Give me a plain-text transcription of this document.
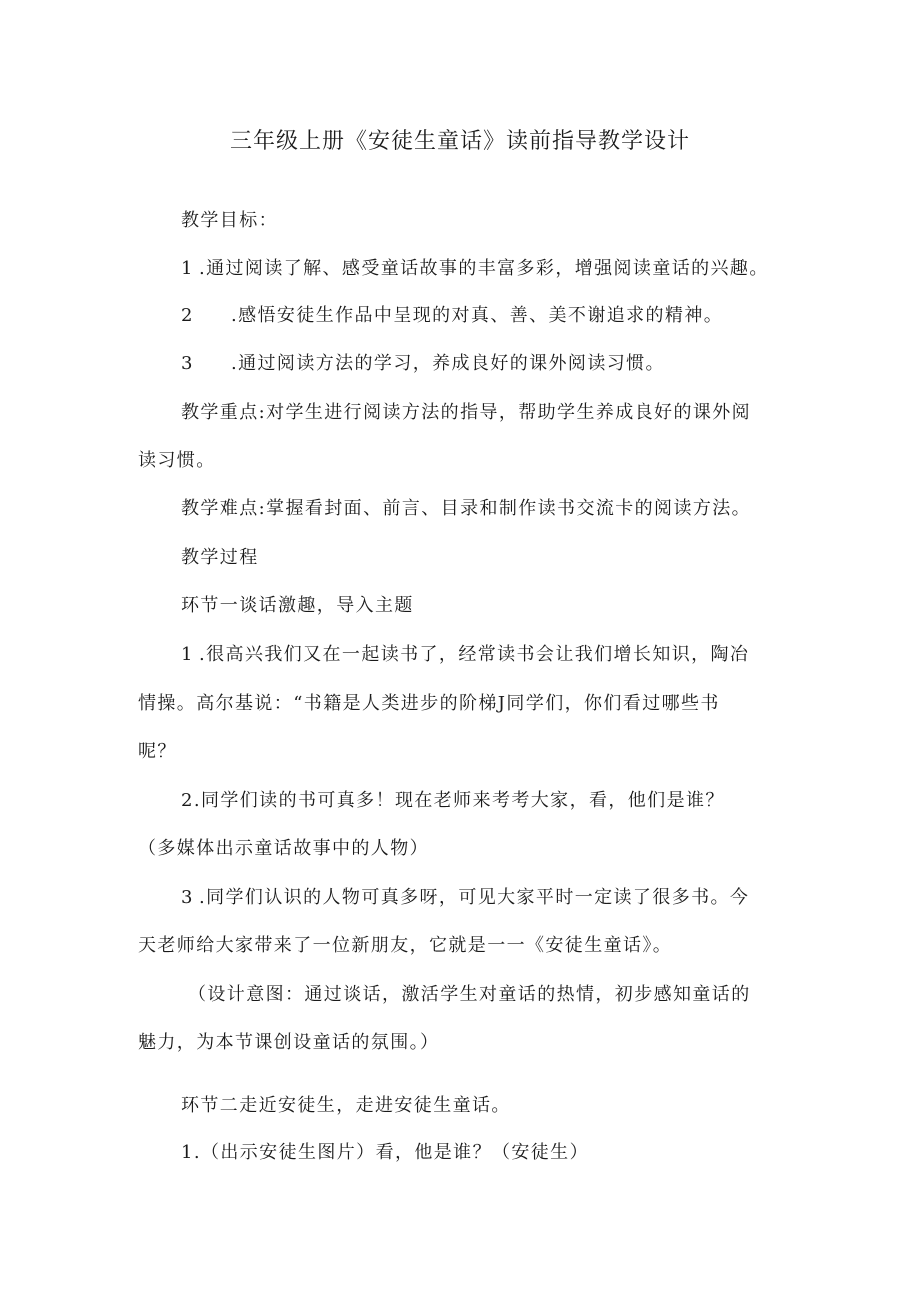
三年级上册《安徒生童话》读前指导教学设计
教学目标：
1 .通过阅读了解、感受童话故事的丰富多彩，增强阅读童话的兴趣。
2 .感悟安徒生作品中呈现的对真、善、美不谢追求的精神。
3 .通过阅读方法的学习，养成良好的课外阅读习惯。
教学重点:对学生进行阅读方法的指导，帮助学生养成良好的课外阅
读习惯。
教学难点:掌握看封面、前言、目录和制作读书交流卡的阅读方法。
教学过程
环节一谈话激趣，导入主题
1 .很高兴我们又在一起读书了，经常读书会让我们增长知识，陶冶
情操。高尔基说：“书籍是人类进步的阶梯J同学们，你们看过哪些书
呢？
2.同学们读的书可真多！现在老师来考考大家，看，他们是谁？
（多媒体出示童话故事中的人物）
3 .同学们认识的人物可真多呀，可见大家平时一定读了很多书。今
天老师给大家带来了一位新朋友，它就是一一《安徒生童话》。
（设计意图：通过谈话，激活学生对童话的热情，初步感知童话的
魅力，为本节课创设童话的氛围。）
环节二走近安徒生，走进安徒生童话。
1.（出示安徒生图片）看，他是谁？（安徒生）
